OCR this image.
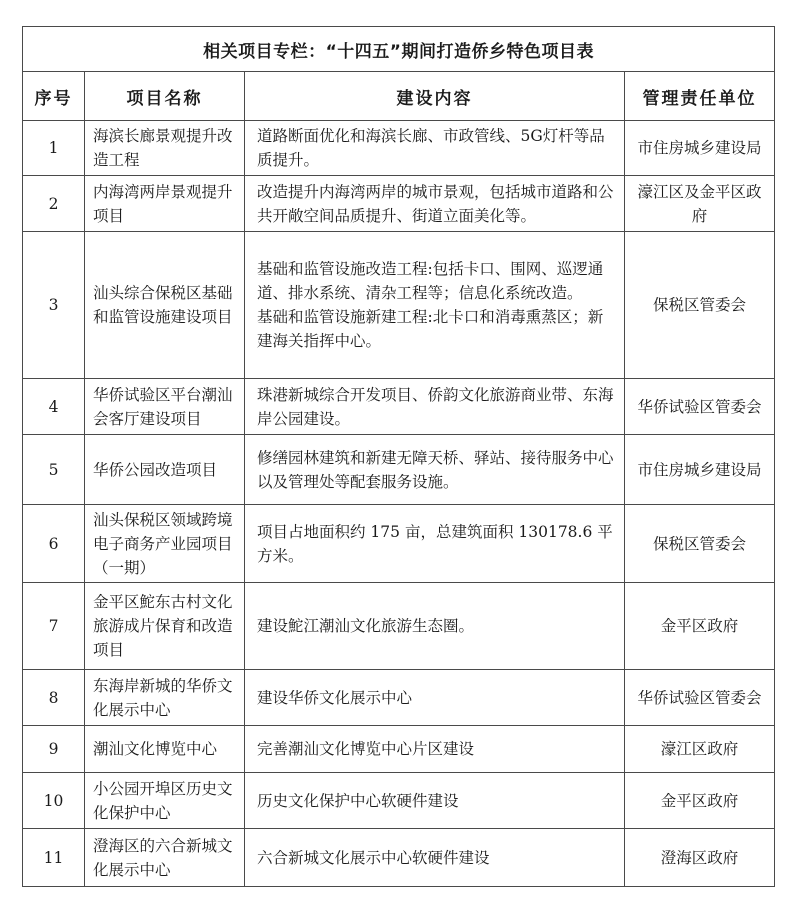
相关项目专栏：“十四五”期间打造侨乡特色项目表			
序号	项目名称	建设内容	管理责任单位
1	海滨长廊景观提升改造工程	道路断面优化和海滨长廊、市政管线、5G灯杆等品质提升。	市住房城乡建设局
2	内海湾两岸景观提升项目	改造提升内海湾两岸的城市景观，包括城市道路和公共开敞空间品质提升、街道立面美化等。	濠江区及金平区政府
3	汕头综合保税区基础和监管设施建设项目	基础和监管设施改造工程:包括卡口、围网、巡逻通道、排水系统、清杂工程等；信息化系统改造。
基础和监管设施新建工程:北卡口和消毒熏蒸区；新建海关指挥中心。	保税区管委会
4	华侨试验区平台潮汕会客厅建设项目	珠港新城综合开发项目、侨韵文化旅游商业带、东海岸公园建设。	华侨试验区管委会
5	华侨公园改造项目	修缮园林建筑和新建无障天桥、驿站、接待服务中心以及管理处等配套服务设施。	市住房城乡建设局
6	汕头保税区领域跨境电子商务产业园项目（一期）	项目占地面积约 175 亩，总建筑面积 130178.6 平方米。	保税区管委会
7	金平区鮀东古村文化旅游成片保育和改造项目	建设鮀江潮汕文化旅游生态圈。	金平区政府
8	东海岸新城的华侨文化展示中心	建设华侨文化展示中心	华侨试验区管委会
9	潮汕文化博览中心	完善潮汕文化博览中心片区建设	濠江区政府
10	小公园开埠区历史文化保护中心	历史文化保护中心软硬件建设	金平区政府
11	澄海区的六合新城文化展示中心	六合新城文化展示中心软硬件建设	澄海区政府
